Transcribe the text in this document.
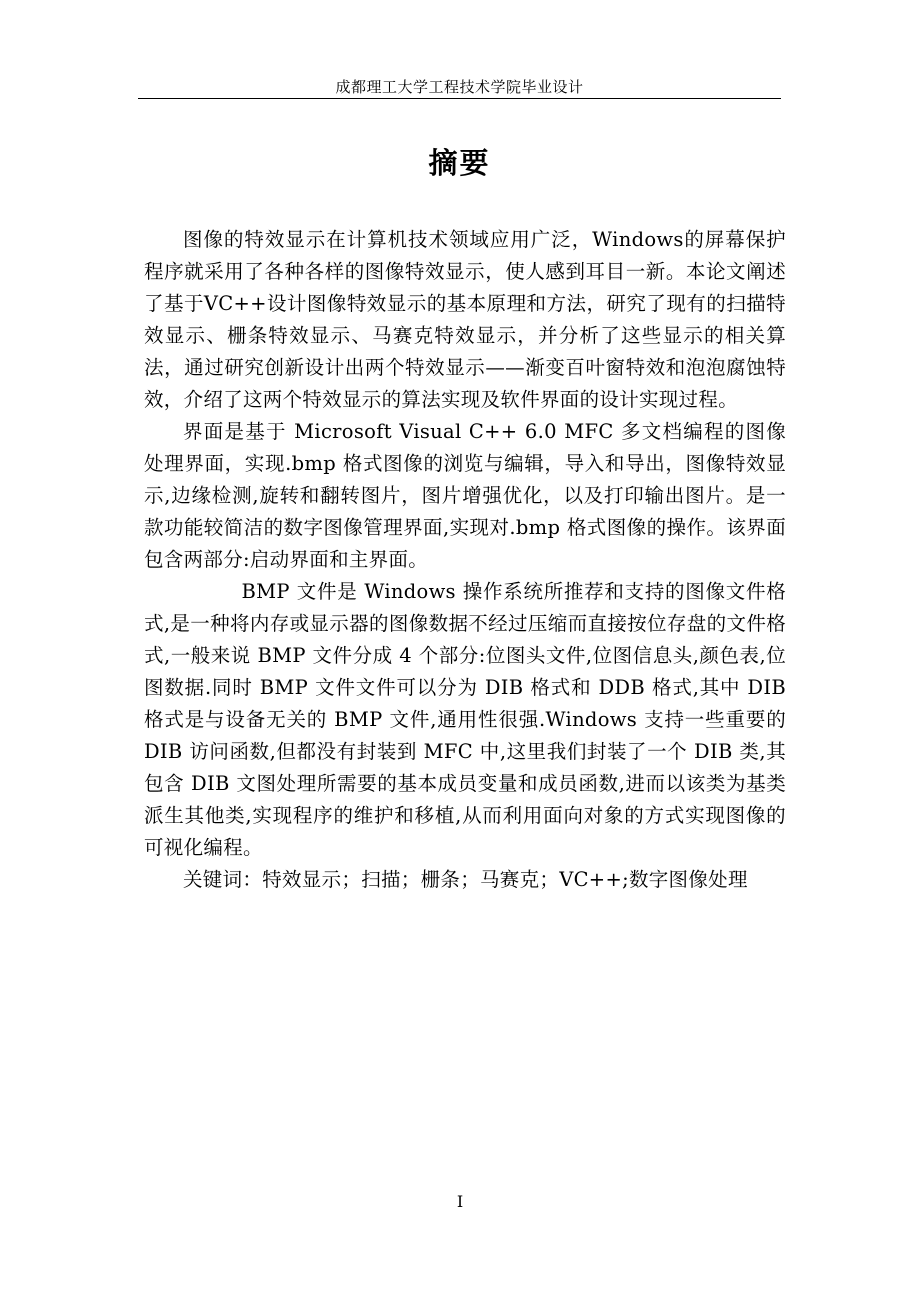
成都理工大学工程技术学院毕业设计
摘要

图像的特效显示在计算机技术领域应用广泛，Windows的屏幕保护程序就采用了各种各样的图像特效显示，使人感到耳目一新。本论文阐述了基于VC++设计图像特效显示的基本原理和方法，研究了现有的扫描特效显示、栅条特效显示、马赛克特效显示，并分析了这些显示的相关算法，通过研究创新设计出两个特效显示——渐变百叶窗特效和泡泡腐蚀特效，介绍了这两个特效显示的算法实现及软件界面的设计实现过程。

界面是基于 Microsoft Visual C++ 6.0 MFC 多文档编程的图像处理界面，实现.bmp 格式图像的浏览与编辑，导入和导出，图像特效显示,边缘检测,旋转和翻转图片，图片增强优化，以及打印输出图片。是一款功能较简洁的数字图像管理界面,实现对.bmp 格式图像的操作。该界面包含两部分:启动界面和主界面。

BMP 文件是 Windows 操作系统所推荐和支持的图像文件格式,是一种将内存或显示器的图像数据不经过压缩而直接按位存盘的文件格式,一般来说 BMP 文件分成 4 个部分:位图头文件,位图信息头,颜色表,位图数据.同时 BMP 文件文件可以分为 DIB 格式和 DDB 格式,其中 DIB 格式是与设备无关的 BMP 文件,通用性很强.Windows 支持一些重要的 DIB 访问函数,但都没有封装到 MFC 中,这里我们封装了一个 DIB 类,其包含 DIB 文图处理所需要的基本成员变量和成员函数,进而以该类为基类派生其他类,实现程序的维护和移植,从而利用面向对象的方式实现图像的可视化编程。

关键词：特效显示；扫描；栅条；马赛克；VC++;数字图像处理

I
